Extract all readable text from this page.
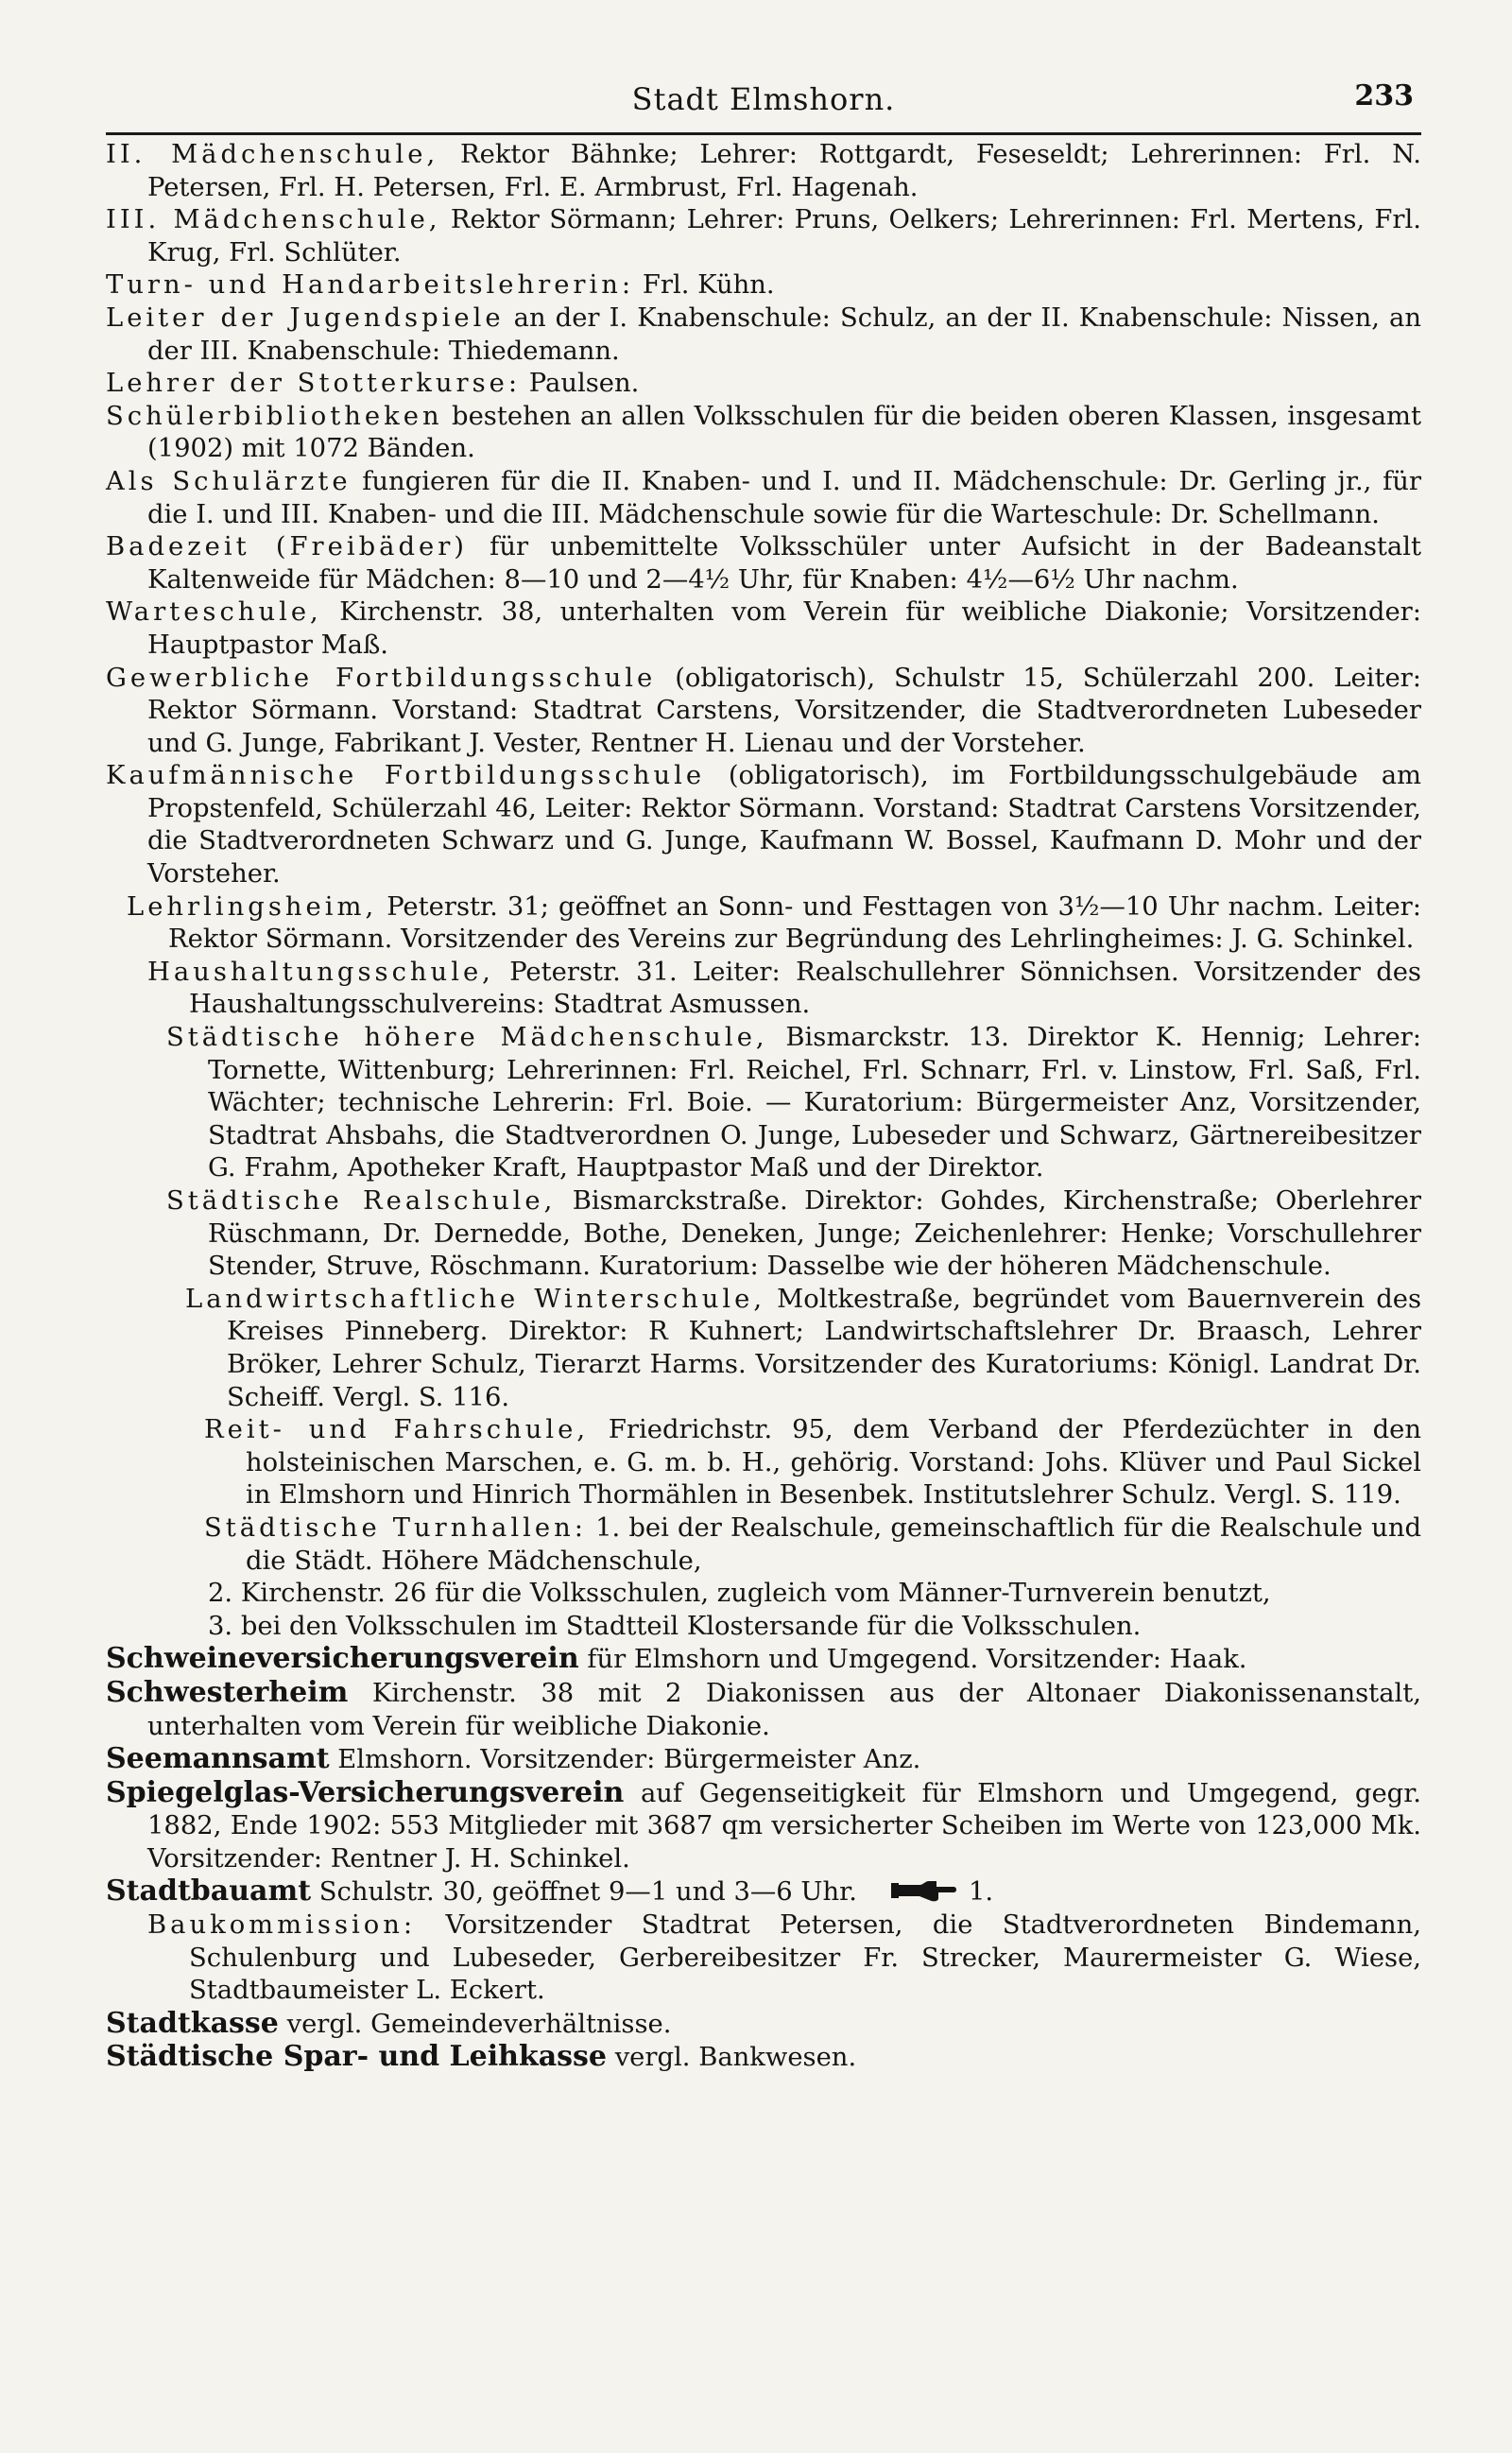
Stadt Elmshorn.	233

II. Mädchenschule, Rektor Bähnke; Lehrer: Rottgardt, Feseseldt; Lehrerinnen: Frl. N. Petersen, Frl. H. Petersen, Frl. E. Armbrust, Frl. Hagenah.

III. Mädchenschule, Rektor Sörmann; Lehrer: Pruns, Oelkers; Lehrerinnen: Frl. Mertens, Frl. Krug, Frl. Schlüter.

Turn- und Handarbeitslehrerin: Frl. Kühn.

Leiter der Jugendspiele an der I. Knabenschule: Schulz, an der II. Knabenschule: Nissen, an der III. Knabenschule: Thiedemann.

Lehrer der Stotterkurse: Paulsen.

Schülerbibliotheken bestehen an allen Volksschulen für die beiden oberen Klassen, insgesamt (1902) mit 1072 Bänden.

Als Schulärzte fungieren für die II. Knaben- und I. und II. Mädchenschule: Dr. Gerling jr., für die I. und III. Knaben- und die III. Mädchenschule sowie für die Warteschule: Dr. Schellmann.

Badezeit (Freibäder) für unbemittelte Volksschüler unter Aufsicht in der Badeanstalt Kaltenweide für Mädchen: 8—10 und 2—4½ Uhr, für Knaben: 4½—6½ Uhr nachm.

Warteschule, Kirchenstr. 38, unterhalten vom Verein für weibliche Diakonie; Vorsitzender: Hauptpastor Maß.

Gewerbliche Fortbildungsschule (obligatorisch), Schulstr 15, Schülerzahl 200. Leiter: Rektor Sörmann. Vorstand: Stadtrat Carstens, Vorsitzender, die Stadtverordneten Lubeseder und G. Junge, Fabrikant J. Vester, Rentner H. Lienau und der Vorsteher.

Kaufmännische Fortbildungsschule (obligatorisch), im Fortbildungsschulgebäude am Propstenfeld, Schülerzahl 46, Leiter: Rektor Sörmann. Vorstand: Stadtrat Carstens Vorsitzender, die Stadtverordneten Schwarz und G. Junge, Kaufmann W. Bossel, Kaufmann D. Mohr und der Vorsteher.

Lehrlingsheim, Peterstr. 31; geöffnet an Sonn- und Festtagen von 3½—10 Uhr nachm. Leiter: Rektor Sörmann. Vorsitzender des Vereins zur Begründung des Lehrlingheimes: J. G. Schinkel.

Haushaltungsschule, Peterstr. 31. Leiter: Realschullehrer Sönnichsen. Vorsitzender des Haushaltungsschulvereins: Stadtrat Asmussen.

Städtische höhere Mädchenschule, Bismarckstr. 13. Direktor K. Hennig; Lehrer: Tornette, Wittenburg; Lehrerinnen: Frl. Reichel, Frl. Schnarr, Frl. v. Linstow, Frl. Saß, Frl. Wächter; technische Lehrerin: Frl. Boie. — Kuratorium: Bürgermeister Anz, Vorsitzender, Stadtrat Ahsbahs, die Stadtverordnen O. Junge, Lubeseder und Schwarz, Gärtnereibesitzer G. Frahm, Apotheker Kraft, Hauptpastor Maß und der Direktor.

Städtische Realschule, Bismarckstraße. Direktor: Gohdes, Kirchenstraße; Oberlehrer Rüschmann, Dr. Dernedde, Bothe, Deneken, Junge; Zeichenlehrer: Henke; Vorschullehrer Stender, Struve, Röschmann. Kuratorium: Dasselbe wie der höheren Mädchenschule.

Landwirtschaftliche Winterschule, Moltkestraße, begründet vom Bauernverein des Kreises Pinneberg. Direktor: R Kuhnert; Landwirtschaftslehrer Dr. Braasch, Lehrer Bröker, Lehrer Schulz, Tierarzt Harms. Vorsitzender des Kuratoriums: Königl. Landrat Dr. Scheiff. Vergl. S. 116.

Reit- und Fahrschule, Friedrichstr. 95, dem Verband der Pferdezüchter in den holsteinischen Marschen, e. G. m. b. H., gehörig. Vorstand: Johs. Klüver und Paul Sickel in Elmshorn und Hinrich Thormählen in Besenbek. Institutslehrer Schulz. Vergl. S. 119.

Städtische Turnhallen: 1. bei der Realschule, gemeinschaftlich für die Realschule und die Städt. Höhere Mädchenschule,

2. Kirchenstr. 26 für die Volksschulen, zugleich vom Männer-Turnverein benutzt,

3. bei den Volksschulen im Stadtteil Klostersande für die Volksschulen.

Schweineversicherungsverein für Elmshorn und Umgegend. Vorsitzender: Haak.

Schwesterheim Kirchenstr. 38 mit 2 Diakonissen aus der Altonaer Diakonissenanstalt, unterhalten vom Verein für weibliche Diakonie.

Seemannsamt Elmshorn. Vorsitzender: Bürgermeister Anz.

Spiegelglas-Versicherungsverein auf Gegenseitigkeit für Elmshorn und Umgegend, gegr. 1882, Ende 1902: 553 Mitglieder mit 3687 qm versicherter Scheiben im Werte von 123,000 Mk. Vorsitzender: Rentner J. H. Schinkel.

Stadtbauamt Schulstr. 30, geöffnet 9—1 und 3—6 Uhr.	1.

Baukommission: Vorsitzender Stadtrat Petersen, die Stadtverordneten Bindemann, Schulenburg und Lubeseder, Gerbereibesitzer Fr. Strecker, Maurermeister G. Wiese, Stadtbaumeister L. Eckert.

Stadtkasse vergl. Gemeindeverhältnisse.

Städtische Spar- und Leihkasse vergl. Bankwesen.
